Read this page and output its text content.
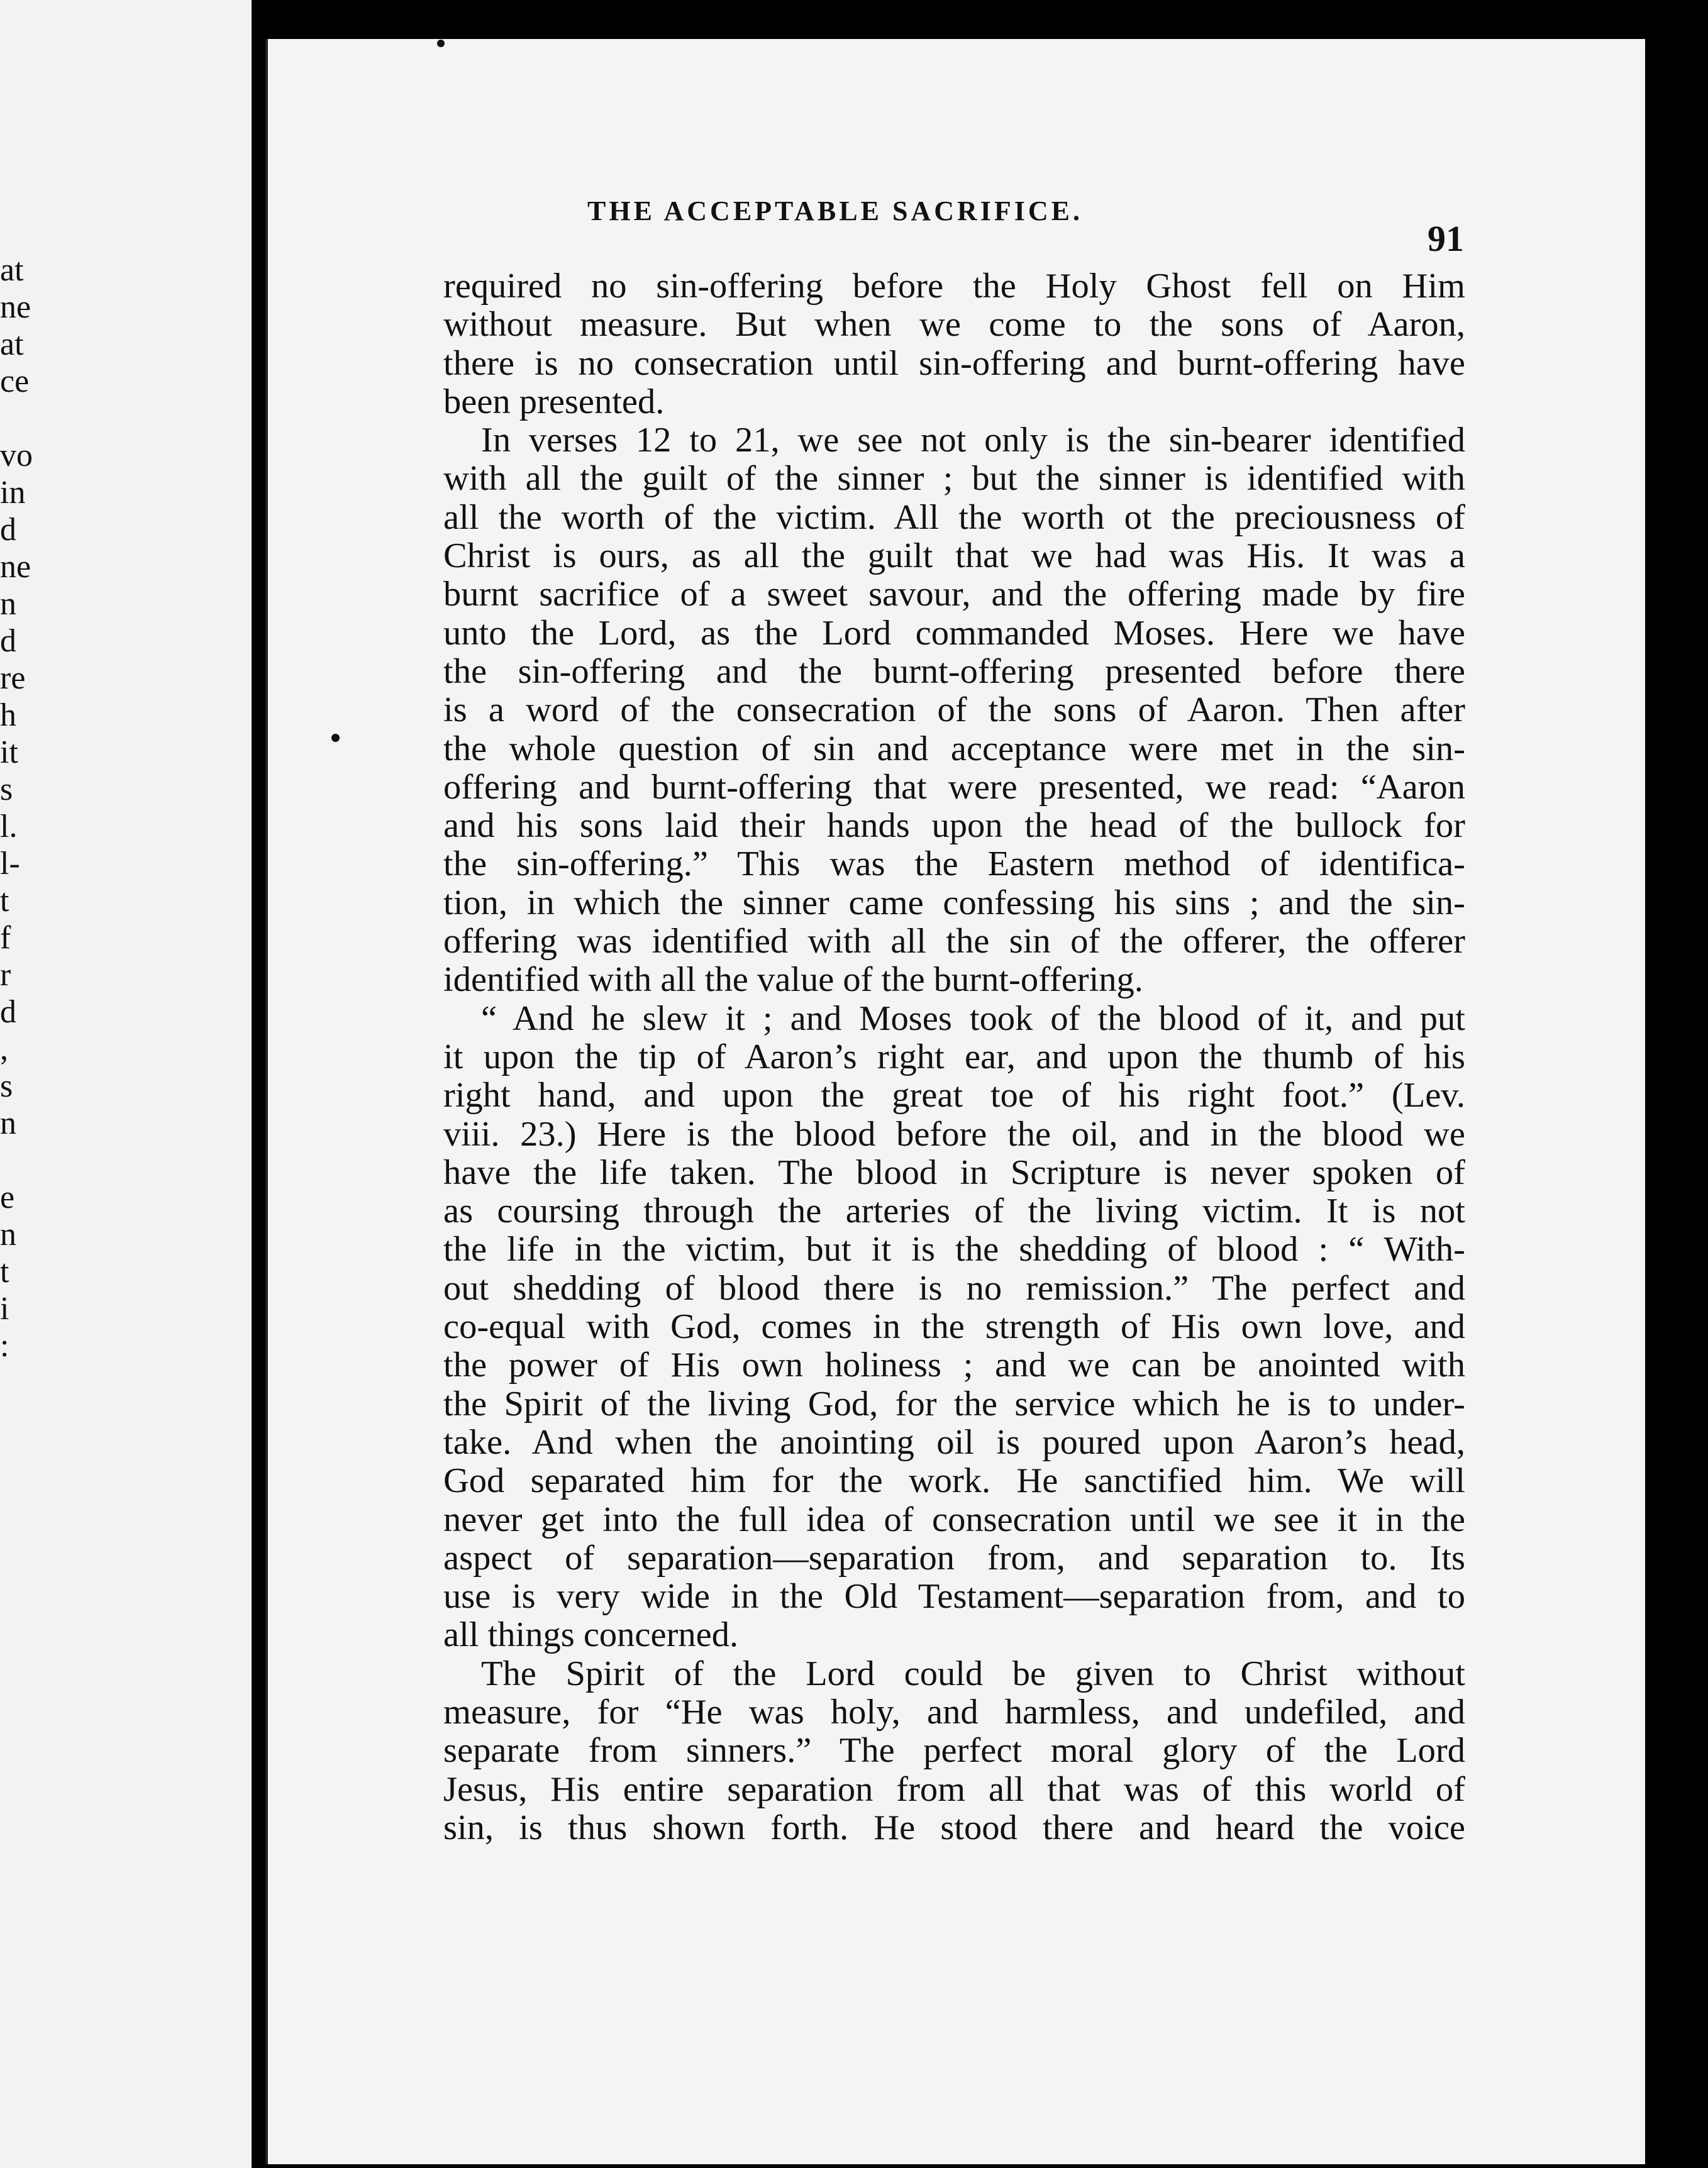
at
ne
at
ce
vo
in
d
ne
n
d
re
h
it
s
l.
l-
t
f
r
d
,
s
n
e
n
t
i
:
THE ACCEPTABLE SACRIFICE.
91
required no sin-offering before the Holy Ghost fell on Him
without measure. But when we come to the sons of Aaron,
there is no consecration until sin-offering and burnt-offering have
been presented.
In verses 12 to 21, we see not only is the sin-bearer identified
with all the guilt of the sinner ; but the sinner is identified with
all the worth of the victim. All the worth ot the preciousness of
Christ is ours, as all the guilt that we had was His. It was a
burnt sacrifice of a sweet savour, and the offering made by fire
unto the Lord, as the Lord commanded Moses. Here we have
the sin-offering and the burnt-offering presented before there
is a word of the consecration of the sons of Aaron. Then after
the whole question of sin and acceptance were met in the sin-
offering and burnt-offering that were presented, we read: “Aaron
and his sons laid their hands upon the head of the bullock for
the sin-offering.” This was the Eastern method of identifica-
tion, in which the sinner came confessing his sins ; and the sin-
offering was identified with all the sin of the offerer, the offerer
identified with all the value of the burnt-offering.
“ And he slew it ; and Moses took of the blood of it, and put
it upon the tip of Aaron’s right ear, and upon the thumb of his
right hand, and upon the great toe of his right foot.” (Lev.
viii. 23.) Here is the blood before the oil, and in the blood we
have the life taken. The blood in Scripture is never spoken of
as coursing through the arteries of the living victim. It is not
the life in the victim, but it is the shedding of blood : “ With-
out shedding of blood there is no remission.” The perfect and
co-equal with God, comes in the strength of His own love, and
the power of His own holiness ; and we can be anointed with
the Spirit of the living God, for the service which he is to under-
take. And when the anointing oil is poured upon Aaron’s head,
God separated him for the work. He sanctified him. We will
never get into the full idea of consecration until we see it in the
aspect of separation—separation from, and separation to. Its
use is very wide in the Old Testament—separation from, and to
all things concerned.
The Spirit of the Lord could be given to Christ without
measure, for “He was holy, and harmless, and undefiled, and
separate from sinners.” The perfect moral glory of the Lord
Jesus, His entire separation from all that was of this world of
sin, is thus shown forth. He stood there and heard the voice
